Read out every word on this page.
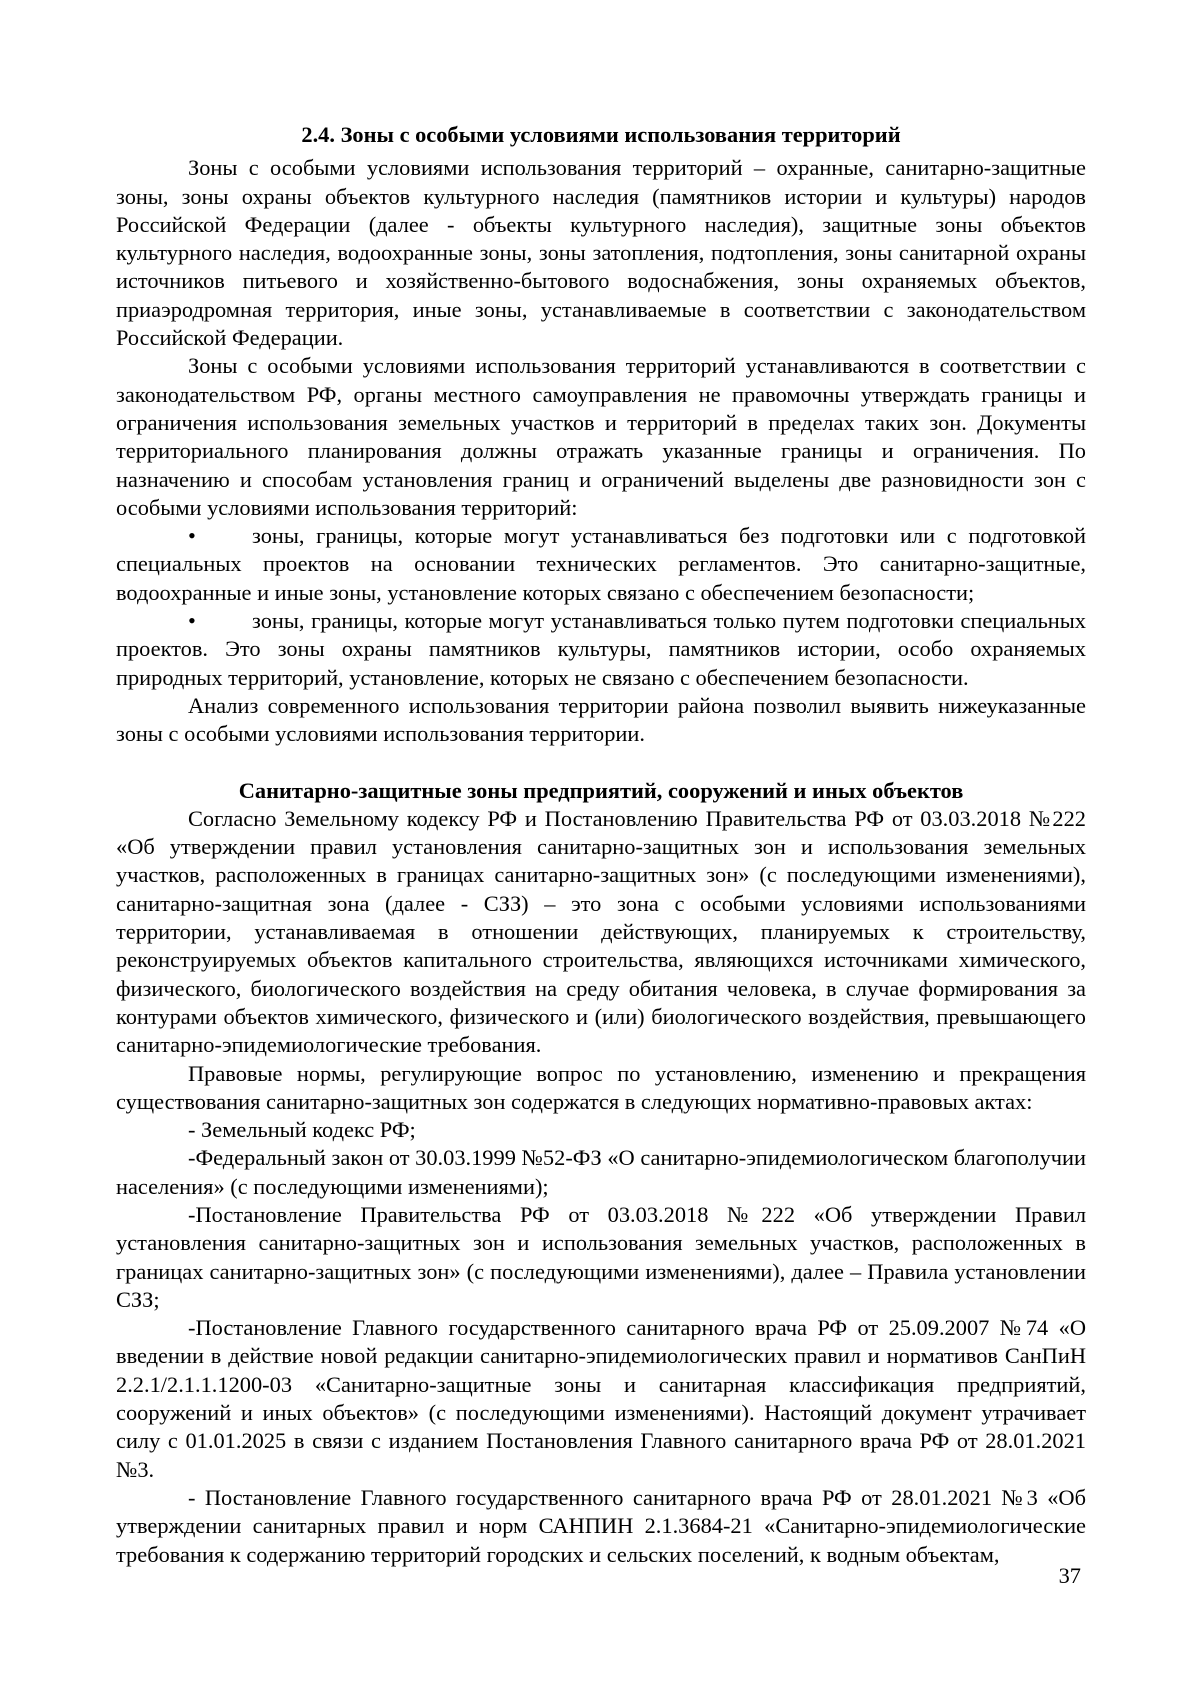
2.4. Зоны с особыми условиями использования территорий

Зоны с особыми условиями использования территорий – охранные, санитарно-защитные зоны, зоны охраны объектов культурного наследия (памятников истории и культуры) народов Российской Федерации (далее - объекты культурного наследия), защитные зоны объектов культурного наследия, водоохранные зоны, зоны затопления, подтопления, зоны санитарной охраны источников питьевого и хозяйственно-бытового водоснабжения, зоны охраняемых объектов, приаэродромная территория, иные зоны, устанавливаемые в соответствии с законодательством Российской Федерации.

Зоны с особыми условиями использования территорий устанавливаются в соответствии с законодательством РФ, органы местного самоуправления не правомочны утверждать границы и ограничения использования земельных участков и территорий в пределах таких зон. Документы территориального планирования должны отражать указанные границы и ограничения. По назначению и способам установления границ и ограничений выделены две разновидности зон с особыми условиями использования территорий:

•	зоны, границы, которые могут устанавливаться без подготовки или с подготовкой специальных проектов на основании технических регламентов. Это санитарно-защитные, водоохранные и иные зоны, установление которых связано с обеспечением безопасности;

•	зоны, границы, которые могут устанавливаться только путем подготовки специальных проектов. Это зоны охраны памятников культуры, памятников истории, особо охраняемых природных территорий, установление, которых не связано с обеспечением безопасности.

Анализ современного использования территории района позволил выявить нижеуказанные зоны с особыми условиями использования территории.

Санитарно-защитные зоны предприятий, сооружений и иных объектов

Согласно Земельному кодексу РФ и Постановлению Правительства РФ от 03.03.2018 №222 «Об утверждении правил установления санитарно-защитных зон и использования земельных участков, расположенных в границах санитарно-защитных зон» (с последующими изменениями), санитарно-защитная зона (далее - СЗЗ) – это зона с особыми условиями использованиями территории, устанавливаемая в отношении действующих, планируемых к строительству, реконструируемых объектов капитального строительства, являющихся источниками химического, физического, биологического воздействия на среду обитания человека, в случае формирования за контурами объектов химического, физического и (или) биологического воздействия, превышающего санитарно-эпидемиологические требования.

Правовые нормы, регулирующие вопрос по установлению, изменению и прекращения существования санитарно-защитных зон содержатся в следующих нормативно-правовых актах:

- Земельный кодекс РФ;

-Федеральный закон от 30.03.1999 №52-ФЗ «О санитарно-эпидемиологическом благополучии населения» (с последующими изменениями);

-Постановление Правительства РФ от 03.03.2018 №222 «Об утверждении Правил установления санитарно-защитных зон и использования земельных участков, расположенных в границах санитарно-защитных зон» (с последующими изменениями), далее – Правила установлении СЗЗ;

-Постановление Главного государственного санитарного врача РФ от 25.09.2007 №74 «О введении в действие новой редакции санитарно-эпидемиологических правил и нормативов СанПиН 2.2.1/2.1.1.1200-03 «Санитарно-защитные зоны и санитарная классификация предприятий, сооружений и иных объектов» (с последующими изменениями). Настоящий документ утрачивает силу с 01.01.2025 в связи с изданием Постановления Главного санитарного врача РФ от 28.01.2021 №3.

- Постановление Главного государственного санитарного врача РФ от 28.01.2021 №3 «Об утверждении санитарных правил и норм САНПИН 2.1.3684-21 «Санитарно-эпидемиологические требования к содержанию территорий городских и сельских поселений, к водным объектам,

37
